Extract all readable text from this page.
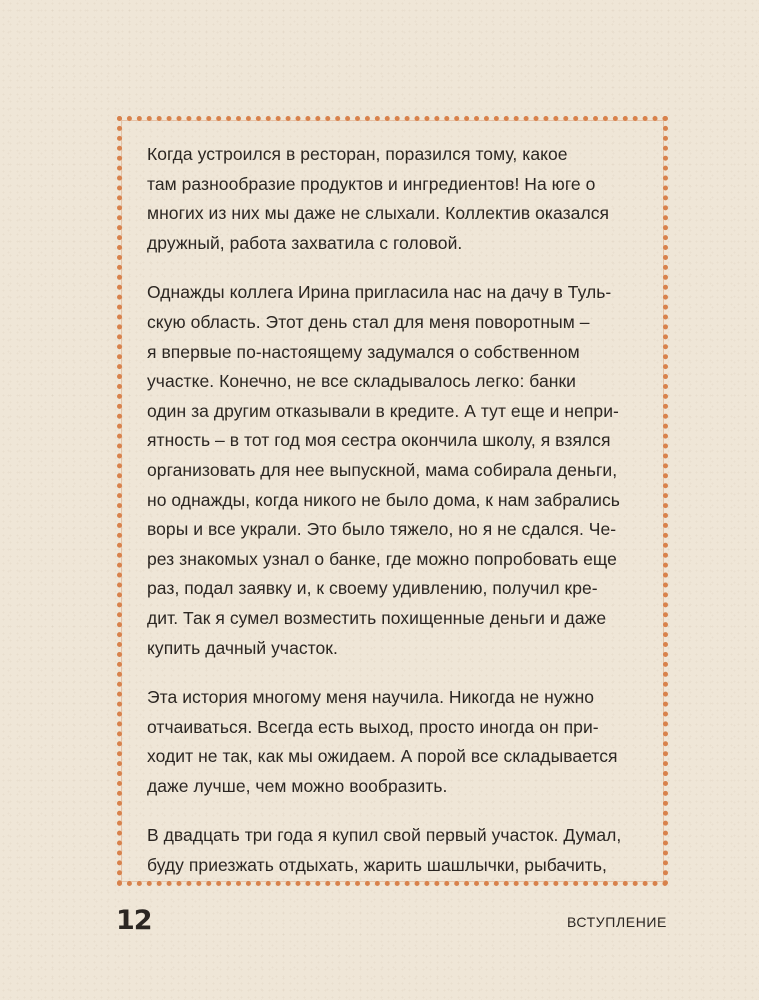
Когда устроился в ресторан, поразился тому, какое
там разнообразие продуктов и ингредиентов! На юге о
многих из них мы даже не слыхали. Коллектив оказался
дружный, работа захватила с головой.

Однажды коллега Ирина пригласила нас на дачу в Туль-
скую область. Этот день стал для меня поворотным –
я впервые по-настоящему задумался о собственном
участке. Конечно, не все складывалось легко: банки
один за другим отказывали в кредите. А тут еще и непри-
ятность – в тот год моя сестра окончила школу, я взялся
организовать для нее выпускной, мама собирала деньги,
но однажды, когда никого не было дома, к нам забрались
воры и все украли. Это было тяжело, но я не сдался. Че-
рез знакомых узнал о банке, где можно попробовать еще
раз, подал заявку и, к своему удивлению, получил кре-
дит. Так я сумел возместить похищенные деньги и даже
купить дачный участок.

Эта история многому меня научила. Никогда не нужно
отчаиваться. Всегда есть выход, просто иногда он при-
ходит не так, как мы ожидаем. А порой все складывается
даже лучше, чем можно вообразить.

В двадцать три года я купил свой первый участок. Думал,
буду приезжать отдыхать, жарить шашлычки, рыбачить,

12	ВСТУПЛЕНИЕ
